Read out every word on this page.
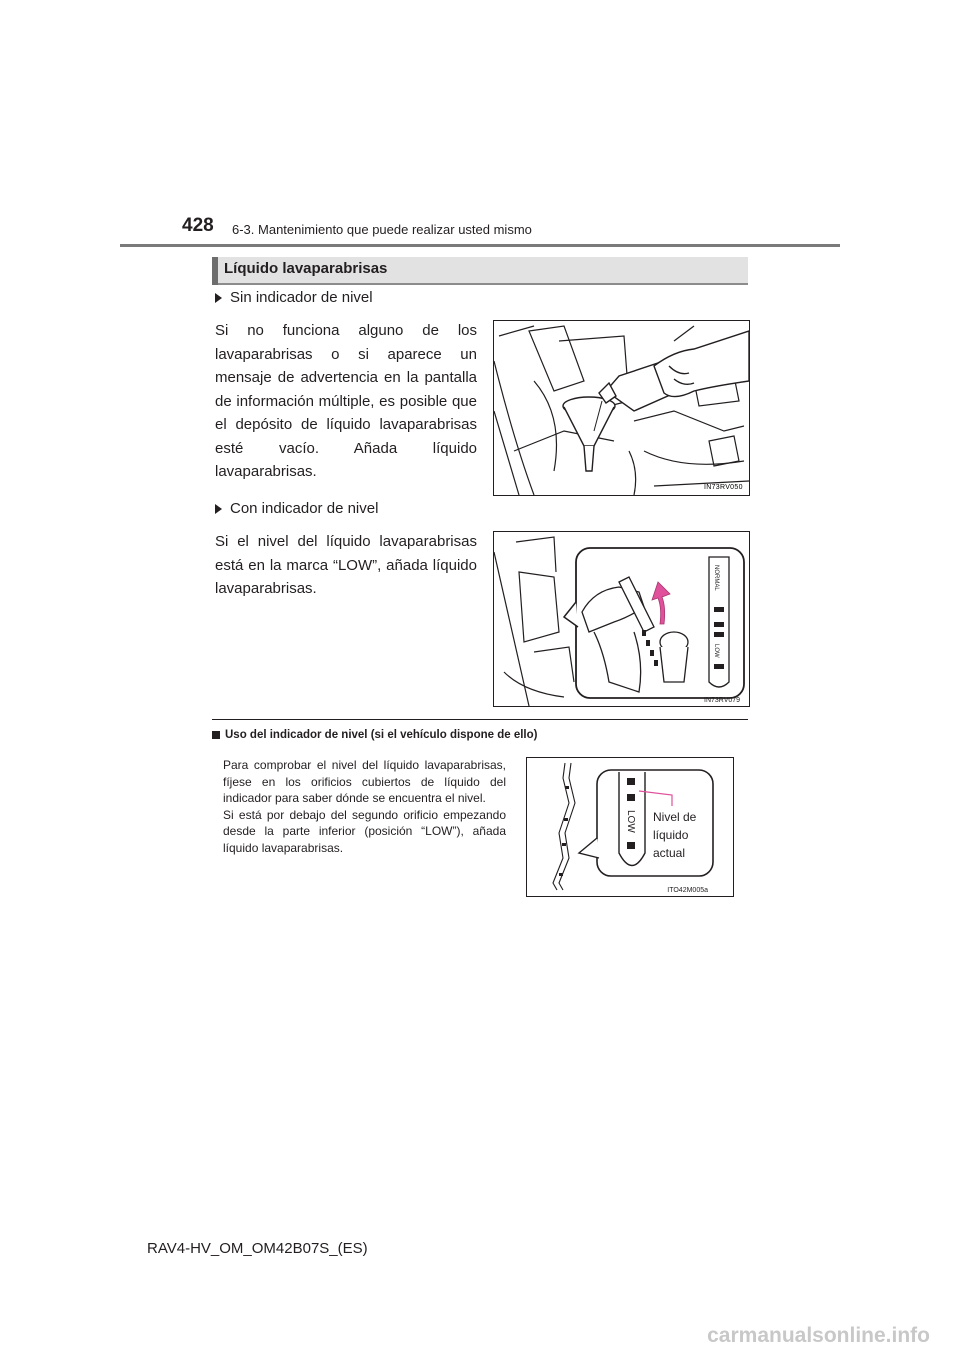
428 6-3. Mantenimiento que puede realizar usted mismo
Líquido lavaparabrisas
Sin indicador de nivel
Si no funciona alguno de los lavaparabrisas o si aparece un mensaje de advertencia en la pantalla de información múltiple, es posible que el depósito de líquido lavaparabrisas esté vacío. Añada líquido lavaparabrisas.
IN73RV050
Con indicador de nivel
Si el nivel del líquido lavaparabrisas está en la marca “LOW”, añada líquido lavaparabrisas.	NORMAL
LOW
IN73RV079
Uso del indicador de nivel (si el vehículo dispone de ello)
Para comprobar el nivel del líquido lavaparabrisas, fíjese en los orificios cubiertos de líquido del indicador para saber dónde se encuentra el nivel.
Si está por debajo del segundo orificio empezando desde la parte inferior (posición “LOW”), añada líquido lavaparabrisas.
LOW
ITO42M005a
Nivel de
líquido
actual
RAV4-HV_OM_OM42B07S_(ES)
carmanualsonline.info
